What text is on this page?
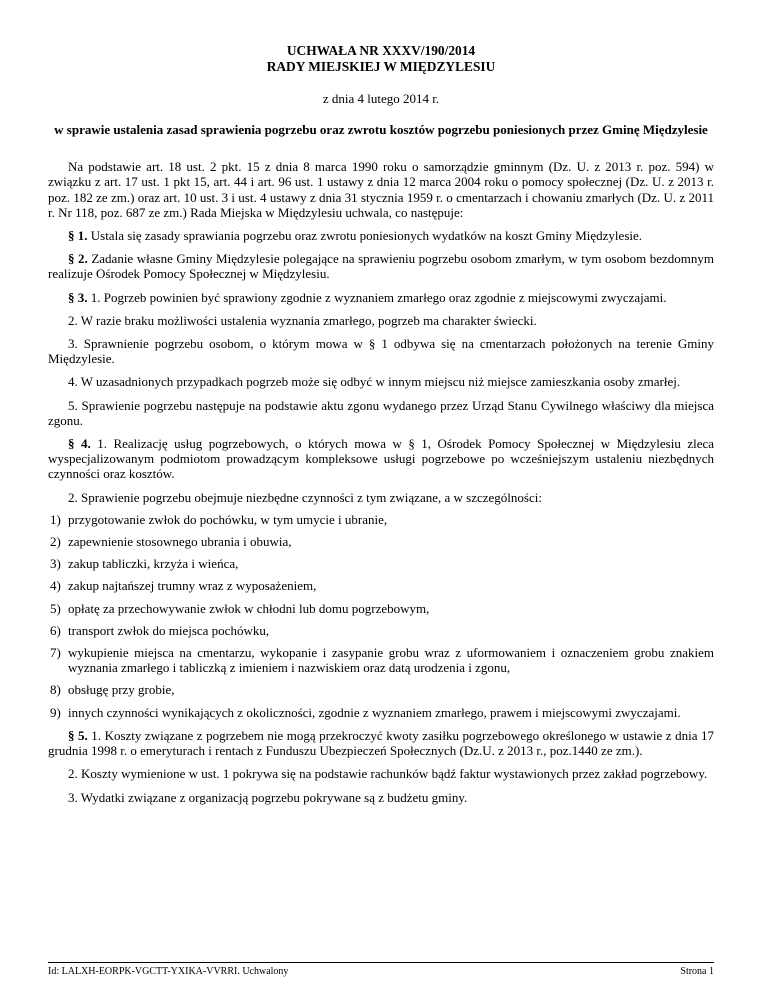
UCHWAŁA NR XXXV/190/2014

RADY MIEJSKIEJ W MIĘDZYLESIU

z dnia 4 lutego 2014 r.

w sprawie ustalenia zasad sprawienia pogrzebu oraz zwrotu kosztów pogrzebu poniesionych przez Gminę Międzylesie

Na podstawie art. 18 ust. 2 pkt. 15 z dnia 8 marca 1990 roku o samorządzie gminnym (Dz. U. z 2013 r. poz. 594) w związku z art. 17 ust. 1 pkt 15, art. 44 i art. 96 ust. 1 ustawy z dnia 12 marca 2004 roku o pomocy społecznej (Dz. U. z 2013 r. poz. 182 ze zm.) oraz art. 10 ust. 3 i ust. 4 ustawy z dnia 31 stycznia 1959 r. o cmentarzach i chowaniu zmarłych (Dz. U. z 2011 r. Nr 118, poz. 687 ze zm.) Rada Miejska w Międzylesiu uchwala, co następuje:

§ 1. Ustala się zasady sprawiania pogrzebu oraz zwrotu poniesionych wydatków na koszt Gminy Międzylesie.

§ 2. Zadanie własne Gminy Międzylesie polegające na sprawieniu pogrzebu osobom zmarłym, w tym osobom bezdomnym realizuje Ośrodek Pomocy Społecznej w Międzylesiu.

§ 3. 1. Pogrzeb powinien być sprawiony zgodnie z wyznaniem zmarłego oraz zgodnie z miejscowymi zwyczajami.

2. W razie braku możliwości ustalenia wyznania zmarłego, pogrzeb ma charakter świecki.

3. Sprawnienie pogrzebu osobom, o którym mowa w § 1 odbywa się na cmentarzach położonych na terenie Gminy Międzylesie.

4. W uzasadnionych przypadkach pogrzeb może się odbyć w innym miejscu niż miejsce zamieszkania osoby zmarłej.

5. Sprawienie pogrzebu następuje na podstawie aktu zgonu wydanego przez Urząd Stanu Cywilnego właściwy dla miejsca zgonu.

§ 4. 1. Realizację usług pogrzebowych, o których mowa w § 1, Ośrodek Pomocy Społecznej w Międzylesiu zleca wyspecjalizowanym podmiotom prowadzącym kompleksowe usługi pogrzebowe po wcześniejszym ustaleniu niezbędnych czynności oraz kosztów.

2. Sprawienie pogrzebu obejmuje niezbędne czynności z tym związane, a w szczególności:

1) przygotowanie zwłok do pochówku, w tym umycie i ubranie,
2) zapewnienie stosownego ubrania i obuwia,
3) zakup tabliczki, krzyża i wieńca,
4) zakup najtańszej trumny wraz z wyposażeniem,
5) opłatę za przechowywanie zwłok w chłodni lub domu pogrzebowym,
6) transport zwłok do miejsca pochówku,
7) wykupienie miejsca na cmentarzu, wykopanie i zasypanie grobu wraz z uformowaniem i oznaczeniem grobu znakiem wyznania zmarłego i tabliczką z imieniem i nazwiskiem oraz datą urodzenia i zgonu,
8) obsługę przy grobie,
9) innych czynności wynikających z okoliczności, zgodnie z wyznaniem zmarłego, prawem i miejscowymi zwyczajami.

§ 5. 1. Koszty związane z pogrzebem nie mogą przekroczyć kwoty zasiłku pogrzebowego określonego w ustawie z dnia 17 grudnia 1998 r. o emeryturach i rentach z Funduszu Ubezpieczeń Społecznych (Dz.U. z 2013 r., poz.1440 ze zm.).

2. Koszty wymienione w ust. 1 pokrywa się na podstawie rachunków bądź faktur wystawionych przez zakład pogrzebowy.

3. Wydatki związane z organizacją pogrzebu pokrywane są z budżetu gminy.

Id: LALXH-EORPK-VGCTT-YXIKA-VVRRI. Uchwalony	Strona 1
